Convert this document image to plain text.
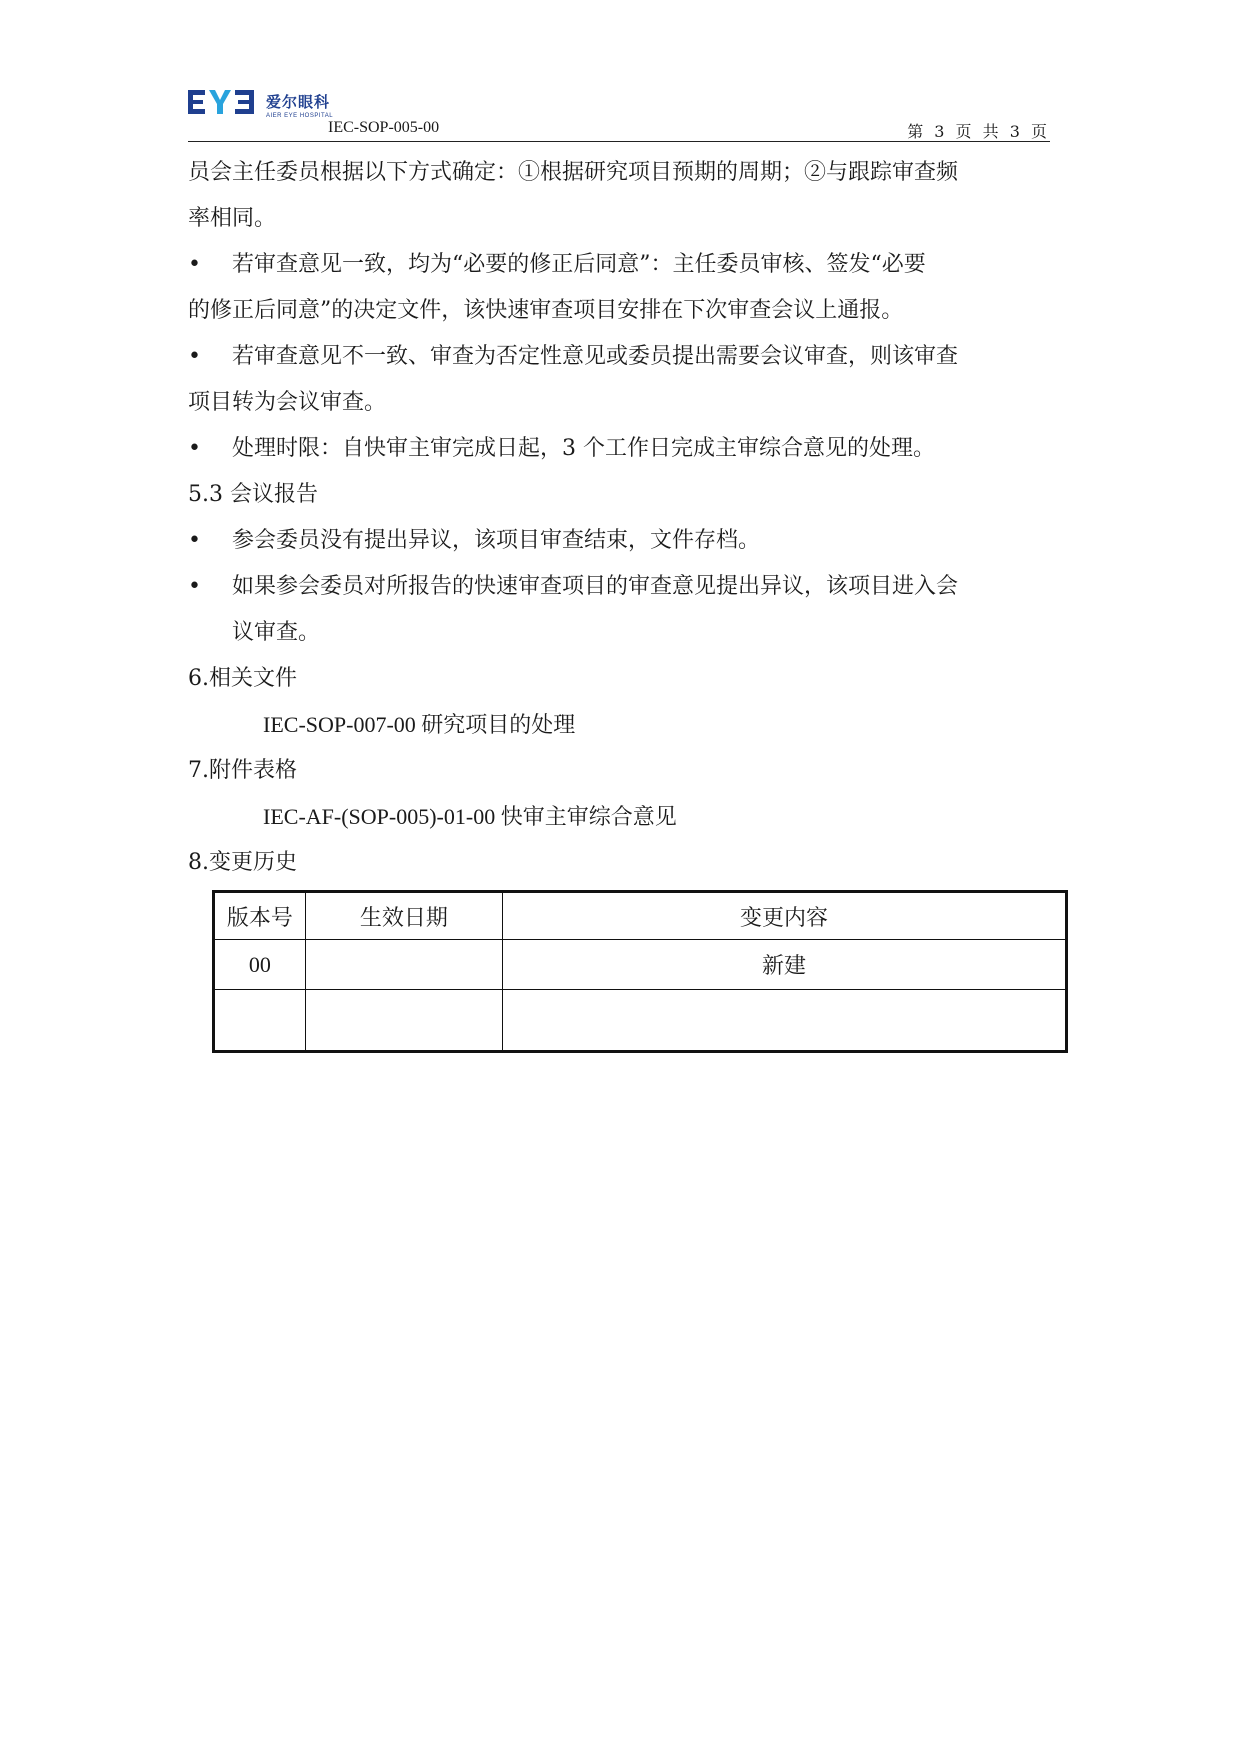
爱尔眼科
AIER EYE HOSPITAL
IEC-SOP-005-00	第 3 页 共 3 页
员会主任委员根据以下方式确定：①根据研究项目预期的周期；②与跟踪审查频
率相同。
• 若审查意见一致，均为“必要的修正后同意”：主任委员审核、签发“必要
的修正后同意”的决定文件，该快速审查项目安排在下次审查会议上通报。
• 若审查意见不一致、审查为否定性意见或委员提出需要会议审查，则该审查
项目转为会议审查。
• 处理时限：自快审主审完成日起，3 个工作日完成主审综合意见的处理。
5.3 会议报告
• 参会委员没有提出异议，该项目审查结束，文件存档。
• 如果参会委员对所报告的快速审查项目的审查意见提出异议，该项目进入会
议审查。
6.相关文件
IEC-SOP-007-00 研究项目的处理
7.附件表格
IEC-AF-(SOP-005)-01-00 快审主审综合意见
8.变更历史
版本号	生效日期	变更内容
00		新建
